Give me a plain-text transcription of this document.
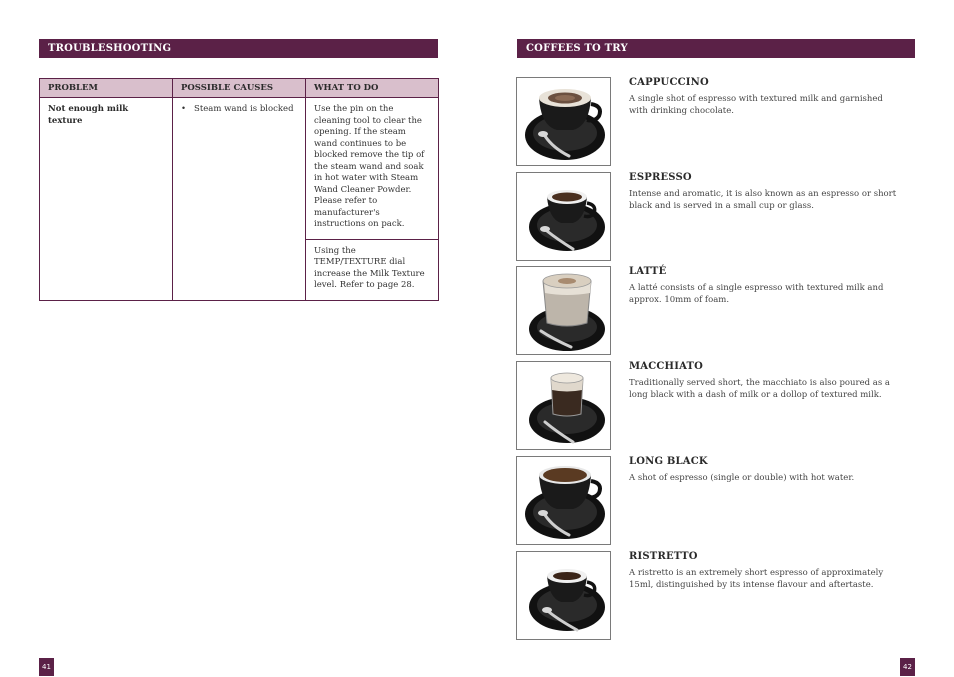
TROUBLESHOOTING
PROBLEM	POSSIBLE CAUSES	WHAT TO DO
Not enough milk texture	• Steam wand is blocked	Use the pin on the cleaning tool to clear the opening. If the steam wand continues to be blocked remove the tip of the steam wand and soak in hot water with Steam Wand Cleaner Powder. Please refer to manufacturer's instructions on pack.
		Using the TEMP/TEXTURE dial increase the Milk Texture level. Refer to page 28.
41
COFFEES TO TRY
CAPPUCCINO
A single shot of espresso with textured milk and garnished with drinking chocolate.
ESPRESSO
Intense and aromatic, it is also known as an espresso or short black and is served in a small cup or glass.
LATTÉ
A latté consists of a single espresso with textured milk and approx. 10mm of foam.
MACCHIATO
Traditionally served short, the macchiato is also poured as a long black with a dash of milk or a dollop of textured milk.
LONG BLACK
A shot of espresso (single or double) with hot water.
RISTRETTO
A ristretto is an extremely short espresso of approximately 15ml, distinguished by its intense flavour and aftertaste.
42
